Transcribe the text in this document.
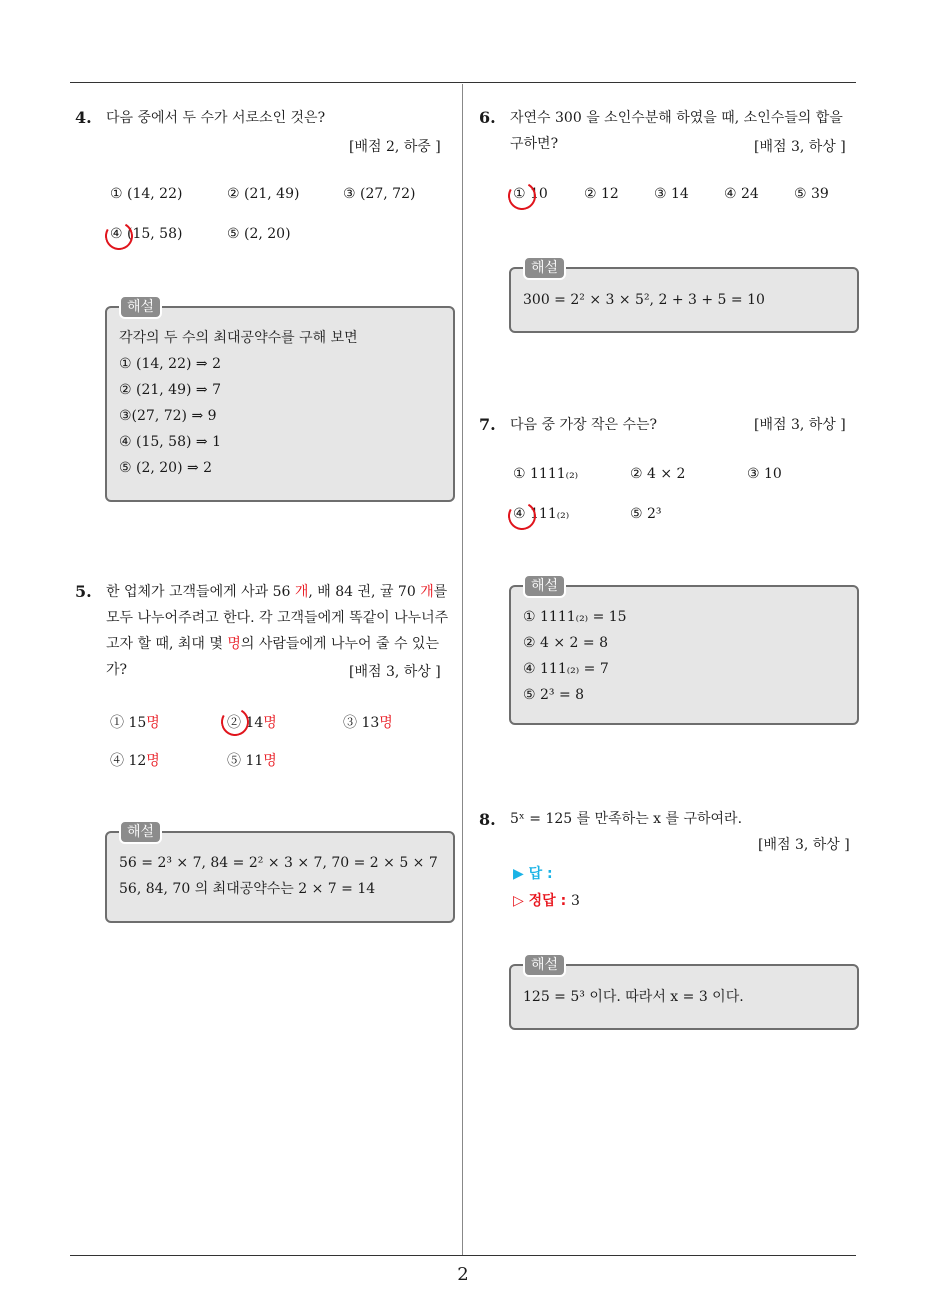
4. 다음 중에서 두 수가 서로소인 것은?
[배점 2, 하중 ]
① (14, 22)	② (21, 49)	③ (27, 72)
④ (15, 58)	⑤ (2, 20)
해설
각각의 두 수의 최대공약수를 구해 보면
① (14, 22) ⇒ 2
② (21, 49) ⇒ 7
③(27, 72) ⇒ 9
④ (15, 58) ⇒ 1
⑤ (2, 20) ⇒ 2
5. 한 업체가 고객들에게 사과 56 개, 배 84 권, 귤 70 개를 모두 나누어주려고 한다. 각 고객들에게 똑같이 나누너주고자 할 때, 최대 몇 명의 사람들에게 나누어 줄 수 있는가?	[배점 3, 하상 ]
① 15명	② 14명	③ 13명
④ 12명	⑤ 11명
해설
56 = 2³ × 7, 84 = 2² × 3 × 7, 70 = 2 × 5 × 7
56, 84, 70 의 최대공약수는 2 × 7 = 14
6. 자연수 300 을 소인수분해 하였을 때, 소인수들의 합을 구하면?	[배점 3, 하상 ]
① 10	② 12	③ 14	④ 24	⑤ 39
해설
300 = 2² × 3 × 5², 2 + 3 + 5 = 10
7. 다음 중 가장 작은 수는?	[배점 3, 하상 ]
① 1111₍₂₎	② 4 × 2	③ 10
④ 111₍₂₎	⑤ 2³
해설
① 1111₍₂₎ = 15
② 4 × 2 = 8
④ 111₍₂₎ = 7
⑤ 2³ = 8
8. 5ˣ = 125 를 만족하는 x 를 구하여라.
[배점 3, 하상 ]
▶ 답 :
▷ 정답 : 3
해설
125 = 5³ 이다. 따라서 x = 3 이다.
2
